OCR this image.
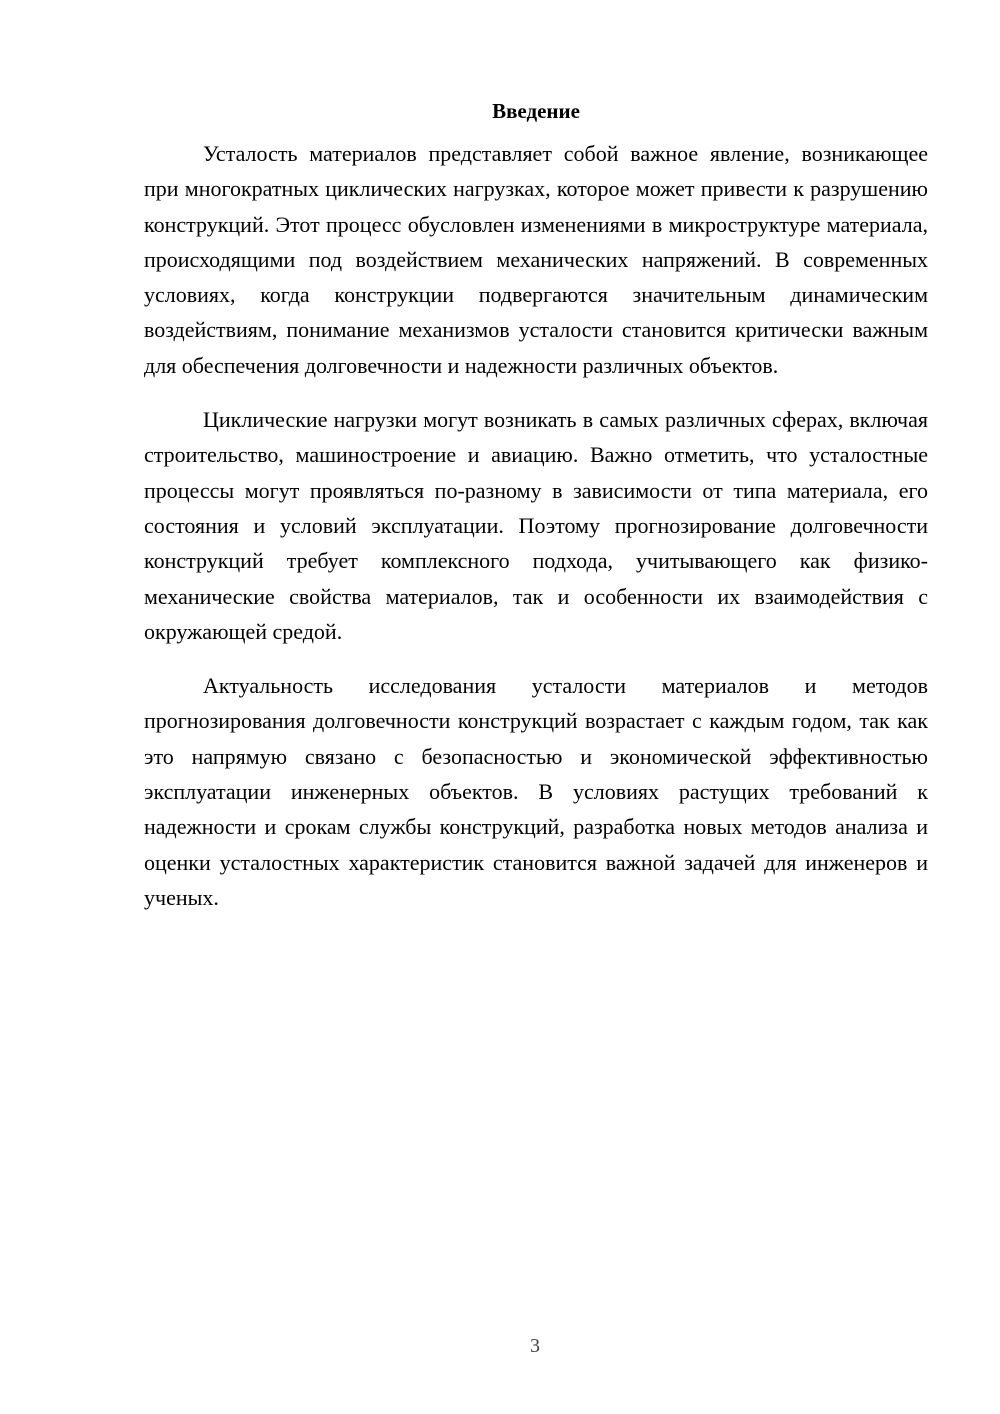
Введение

Усталость материалов представляет собой важное явление, возникающее при многократных циклических нагрузках, которое может привести к разрушению конструкций. Этот процесс обусловлен изменениями в микроструктуре материала, происходящими под воздействием механических напряжений. В современных условиях, когда конструкции подвергаются значительным динамическим воздействиям, понимание механизмов усталости становится критически важным для обеспечения долговечности и надежности различных объектов.

Циклические нагрузки могут возникать в самых различных сферах, включая строительство, машиностроение и авиацию. Важно отметить, что усталостные процессы могут проявляться по-разному в зависимости от типа материала, его состояния и условий эксплуатации. Поэтому прогнозирование долговечности конструкций требует комплексного подхода, учитывающего как физико-механические свойства материалов, так и особенности их взаимодействия с окружающей средой.

Актуальность исследования усталости материалов и методов прогнозирования долговечности конструкций возрастает с каждым годом, так как это напрямую связано с безопасностью и экономической эффективностью эксплуатации инженерных объектов. В условиях растущих требований к надежности и срокам службы конструкций, разработка новых методов анализа и оценки усталостных характеристик становится важной задачей для инженеров и ученых.

3
